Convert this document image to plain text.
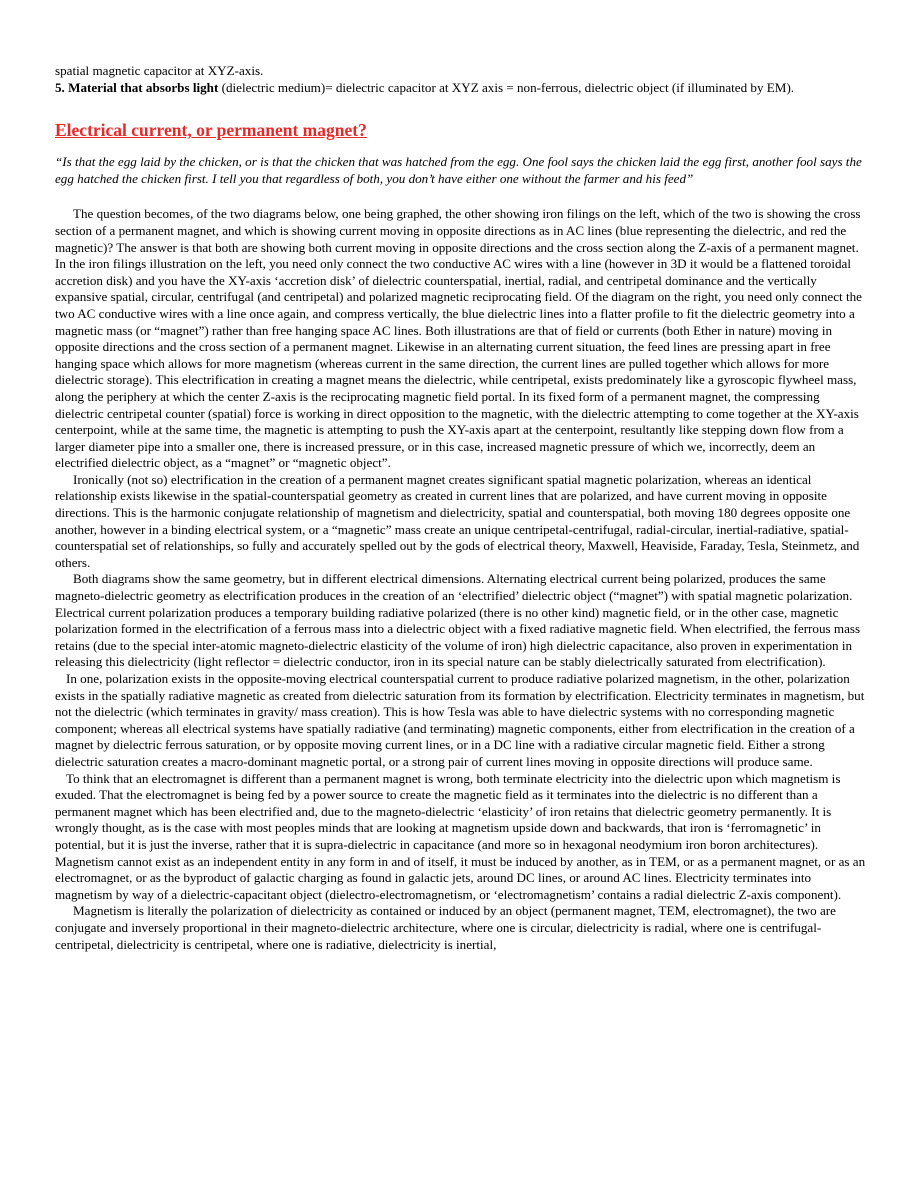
spatial magnetic capacitor at XYZ-axis.

5. Material that absorbs light (dielectric medium)= dielectric capacitor at XYZ axis = non-ferrous, dielectric object (if illuminated by EM).

Electrical current, or permanent magnet?

“Is that the egg laid by the chicken, or is that the chicken that was hatched from the egg. One fool says the chicken laid the egg first, another fool says the egg hatched the chicken first. I tell you that regardless of both, you don’t have either one without the farmer and his feed”

The question becomes, of the two diagrams below, one being graphed, the other showing iron filings on the left, which of the two is showing the cross section of a permanent magnet, and which is showing current moving in opposite directions as in AC lines (blue representing the dielectric, and red the magnetic)? The answer is that both are showing both current moving in opposite directions and the cross section along the Z-axis of a permanent magnet. In the iron filings illustration on the left, you need only connect the two conductive AC wires with a line (however in 3D it would be a flattened toroidal accretion disk) and you have the XY-axis ‘accretion disk’ of dielectric counterspatial, inertial, radial, and centripetal dominance and the vertically expansive spatial, circular, centrifugal (and centripetal) and polarized magnetic reciprocating field. Of the diagram on the right, you need only connect the two AC conductive wires with a line once again, and compress vertically, the blue dielectric lines into a flatter profile to fit the dielectric geometry into a magnetic mass (or “magnet”) rather than free hanging space AC lines. Both illustrations are that of field or currents (both Ether in nature) moving in opposite directions and the cross section of a permanent magnet. Likewise in an alternating current situation, the feed lines are pressing apart in free hanging space which allows for more magnetism (whereas current in the same direction, the current lines are pulled together which allows for more dielectric storage). This electrification in creating a magnet means the dielectric, while centripetal, exists predominately like a gyroscopic flywheel mass, along the periphery at which the center Z-axis is the reciprocating magnetic field portal. In its fixed form of a permanent magnet, the compressing dielectric centripetal counter (spatial) force is working in direct opposition to the magnetic, with the dielectric attempting to come together at the XY-axis centerpoint, while at the same time, the magnetic is attempting to push the XY-axis apart at the centerpoint, resultantly like stepping down flow from a larger diameter pipe into a smaller one, there is increased pressure, or in this case, increased magnetic pressure of which we, incorrectly, deem an electrified dielectric object, as a “magnet” or “magnetic object”.

Ironically (not so) electrification in the creation of a permanent magnet creates significant spatial magnetic polarization, whereas an identical relationship exists likewise in the spatial-counterspatial geometry as created in current lines that are polarized, and have current moving in opposite directions. This is the harmonic conjugate relationship of magnetism and dielectricity, spatial and counterspatial, both moving 180 degrees opposite one another, however in a binding electrical system, or a “magnetic” mass create an unique centripetal-centrifugal, radial-circular, inertial-radiative, spatial-counterspatial set of relationships, so fully and accurately spelled out by the gods of electrical theory, Maxwell, Heaviside, Faraday, Tesla, Steinmetz, and others.

Both diagrams show the same geometry, but in different electrical dimensions. Alternating electrical current being polarized, produces the same magneto-dielectric geometry as electrification produces in the creation of an ‘electrified’ dielectric object (“magnet”) with spatial magnetic polarization. Electrical current polarization produces a temporary building radiative polarized (there is no other kind) magnetic field, or in the other case, magnetic polarization formed in the electrification of a ferrous mass into a dielectric object with a fixed radiative magnetic field. When electrified, the ferrous mass retains (due to the special inter-atomic magneto-dielectric elasticity of the volume of iron) high dielectric capacitance, also proven in experimentation in releasing this dielectricity (light reflector = dielectric conductor, iron in its special nature can be stably dielectrically saturated from electrification).

In one, polarization exists in the opposite-moving electrical counterspatial current to produce radiative polarized magnetism, in the other, polarization exists in the spatially radiative magnetic as created from dielectric saturation from its formation by electrification. Electricity terminates in magnetism, but not the dielectric (which terminates in gravity/ mass creation). This is how Tesla was able to have dielectric systems with no corresponding magnetic component; whereas all electrical systems have spatially radiative (and terminating) magnetic components, either from electrification in the creation of a magnet by dielectric ferrous saturation, or by opposite moving current lines, or in a DC line with a radiative circular magnetic field. Either a strong dielectric saturation creates a macro-dominant magnetic portal, or a strong pair of current lines moving in opposite directions will produce same.

To think that an electromagnet is different than a permanent magnet is wrong, both terminate electricity into the dielectric upon which magnetism is exuded. That the electromagnet is being fed by a power source to create the magnetic field as it terminates into the dielectric is no different than a permanent magnet which has been electrified and, due to the magneto-dielectric ‘elasticity’ of iron retains that dielectric geometry permanently. It is wrongly thought, as is the case with most peoples minds that are looking at magnetism upside down and backwards, that iron is ‘ferromagnetic’ in potential, but it is just the inverse, rather that it is supra-dielectric in capacitance (and more so in hexagonal neodymium iron boron architectures). Magnetism cannot exist as an independent entity in any form in and of itself, it must be induced by another, as in TEM, or as a permanent magnet, or as an electromagnet, or as the byproduct of galactic charging as found in galactic jets, around DC lines, or around AC lines. Electricity terminates into magnetism by way of a dielectric-capacitant object (dielectro-electromagnetism, or ‘electromagnetism’ contains a radial dielectric Z-axis component).

Magnetism is literally the polarization of dielectricity as contained or induced by an object (permanent magnet, TEM, electromagnet), the two are conjugate and inversely proportional in their magneto-dielectric architecture, where one is circular, dielectricity is radial, where one is centrifugal-centripetal, dielectricity is centripetal, where one is radiative, dielectricity is inertial,
